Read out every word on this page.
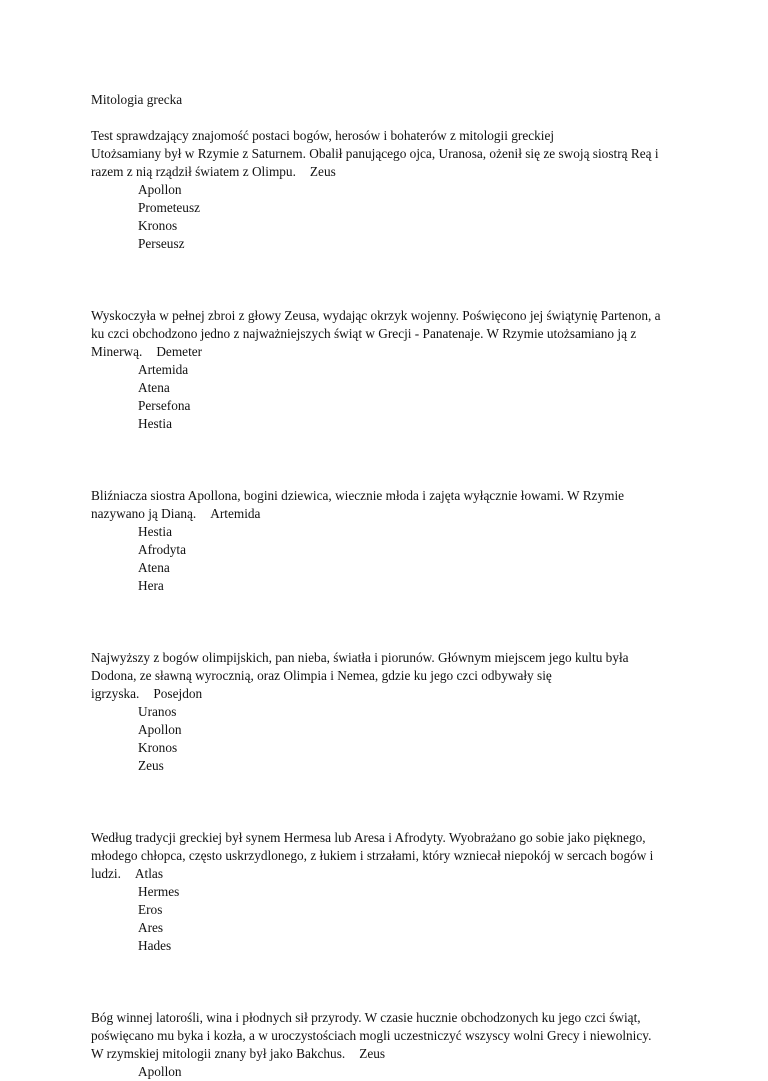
Mitologia grecka
Test sprawdzający znajomość postaci bogów, herosów i bohaterów z mitologii greckiej
Utożsamiany był w Rzymie z Saturnem. Obalił panującego ojca, Uranosa, ożenił się ze swoją siostrą Reą i razem z nią rządził światem z Olimpu. Zeus
Apollon
Prometeusz
Kronos
Perseusz
Wyskoczyła w pełnej zbroi z głowy Zeusa, wydając okrzyk wojenny. Poświęcono jej świątynię Partenon, a ku czci obchodzono jedno z najważniejszych świąt w Grecji - Panatenaje. W Rzymie utożsamiano ją z Minerwą. Demeter
Artemida
Atena
Persefona
Hestia
Bliźniacza siostra Apollona, bogini dziewica, wiecznie młoda i zajęta wyłącznie łowami. W Rzymie nazywano ją Dianą. Artemida
Hestia
Afrodyta
Atena
Hera
Najwyższy z bogów olimpijskich, pan nieba, światła i piorunów. Głównym miejscem jego kultu była Dodona, ze sławną wyrocznią, oraz Olimpia i Nemea, gdzie ku jego czci odbywały się igrzyska. Posejdon
Uranos
Apollon
Kronos
Zeus
Według tradycji greckiej był synem Hermesa lub Aresa i Afrodyty. Wyobrażano go sobie jako pięknego, młodego chłopca, często uskrzydlonego, z łukiem i strzałami, który wzniecał niepokój w sercach bogów i ludzi. Atlas
Hermes
Eros
Ares
Hades
Bóg winnej latorośli, wina i płodnych sił przyrody. W czasie hucznie obchodzonych ku jego czci świąt, poświęcano mu byka i kozła, a w uroczystościach mogli uczestniczyć wszyscy wolni Grecy i niewolnicy. W rzymskiej mitologii znany był jako Bakchus. Zeus
Apollon
